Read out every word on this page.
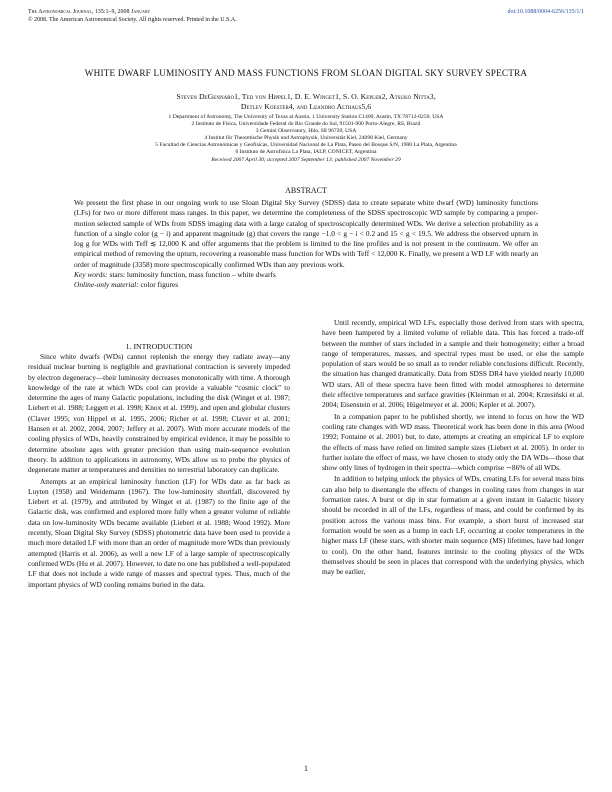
The Astronomical Journal, 135:1–9, 2008 January
© 2008. The American Astronomical Society. All rights reserved. Printed in the U.S.A.
doi:10.1088/0004-6256/135/1/1
WHITE DWARF LUMINOSITY AND MASS FUNCTIONS FROM SLOAN DIGITAL SKY SURVEY SPECTRA
Steven DeGennaro1, Ted von Hippel1, D. E. Winget1, S. O. Kepler2, Atsuko Nitta3,
Detlev Koester4, and Leandro Althaus5,6
1 Department of Astronomy, The University of Texas at Austin, 1 University Station C1400, Austin, TX 78712-0259, USA
2 Instituto de Física, Universidade Federal do Rio Grande do Sul, 91501-900 Porto-Alegre, RS, Brazil
3 Gemini Observatory, Hilo, HI 96720, USA
4 Institut für Theoretische Physik und Astrophysik, Universität Kiel, 24098 Kiel, Germany
5 Facultad de Ciencias Astronómicas y Geofísicas, Universidad Nacional de La Plata, Paseo del Bosque S/N, 1900 La Plata, Argentina
6 Instituto de Astrofísica La Plata, IALP, CONICET, Argentina
Received 2007 April 30; accepted 2007 September 13; published 2007 November 29
ABSTRACT

We present the first phase in our ongoing work to use Sloan Digital Sky Survey (SDSS) data to create separate white dwarf (WD) luminosity functions (LFs) for two or more different mass ranges. In this paper, we determine the completeness of the SDSS spectroscopic WD sample by comparing a proper-motion selected sample of WDs from SDSS imaging data with a large catalog of spectroscopically determined WDs. We derive a selection probability as a function of a single color (g − i) and apparent magnitude (g) that covers the range −1.0 < g − i < 0.2 and 15 < g < 19.5. We address the observed upturn in log g for WDs with Teff ≲ 12,000 K and offer arguments that the problem is limited to the line profiles and is not present in the continuum. We offer an empirical method of removing the upturn, recovering a reasonable mass function for WDs with Teff < 12,000 K. Finally, we present a WD LF with nearly an order of magnitude (3358) more spectroscopically confirmed WDs than any previous work.

Key words: stars: luminosity function, mass function – white dwarfs

Online-only material: color figures

1. INTRODUCTION

Since white dwarfs (WDs) cannot replenish the energy they radiate away—any residual nuclear burning is negligible and gravitational contraction is severely impeded by electron degeneracy—their luminosity decreases monotonically with time. A thorough knowledge of the rate at which WDs cool can provide a valuable “cosmic clock” to determine the ages of many Galactic populations, including the disk (Winget et al. 1987; Liebert et al. 1988; Leggett et al. 1998; Knox et al. 1999), and open and globular clusters (Claver 1995; von Hippel et al. 1995, 2006; Richer et al. 1998; Claver et al. 2001; Hansen et al. 2002, 2004, 2007; Jeffery et al. 2007). With more accurate models of the cooling physics of WDs, heavily constrained by empirical evidence, it may be possible to determine absolute ages with greater precision than using main-sequence evolution theory. In addition to applications in astronomy, WDs allow us to probe the physics of degenerate matter at temperatures and densities no terrestrial laboratory can duplicate.

Attempts at an empirical luminosity function (LF) for WDs date as far back as Luyten (1958) and Weidemann (1967). The low-luminosity shortfall, discovered by Liebert et al. (1979), and attributed by Winget et al. (1987) to the finite age of the Galactic disk, was confirmed and explored more fully when a greater volume of reliable data on low-luminosity WDs became available (Liebert et al. 1988; Wood 1992). More recently, Sloan Digital Sky Survey (SDSS) photometric data have been used to provide a much more detailed LF with more than an order of magnitude more WDs than previously attempted (Harris et al. 2006), as well a new LF of a large sample of spectroscopically confirmed WDs (Hu et al. 2007). However, to date no one has published a well-populated LF that does not include a wide range of masses and spectral types. Thus, much of the important physics of WD cooling remains buried in the data.

Until recently, empirical WD LFs, especially those derived from stars with spectra, have been hampered by a limited volume of reliable data. This has forced a trade-off between the number of stars included in a sample and their homogeneity; either a broad range of temperatures, masses, and spectral types must be used, or else the sample population of stars would be so small as to render reliable conclusions difficult. Recently, the situation has changed dramatically. Data from SDSS DR4 have yielded nearly 10,000 WD stars. All of these spectra have been fitted with model atmospheres to determine their effective temperatures and surface gravities (Kleinman et al. 2004; Krzesiński et al. 2004; Eisenstein et al. 2006; Hügelmeyer et al. 2006; Kepler et al. 2007).

In a companion paper to be published shortly, we intend to focus on how the WD cooling rate changes with WD mass. Theoretical work has been done in this area (Wood 1992; Fontaine et al. 2001) but, to date, attempts at creating an empirical LF to explore the effects of mass have relied on limited sample sizes (Liebert et al. 2005). In order to further isolate the effect of mass, we have chosen to study only the DA WDs—those that show only lines of hydrogen in their spectra—which comprise ∼86% of all WDs.

In addition to helping unlock the physics of WDs, creating LFs for several mass bins can also help to disentangle the effects of changes in cooling rates from changes in star formation rates. A burst or dip in star formation at a given instant in Galactic history should be recorded in all of the LFs, regardless of mass, and could be confirmed by its position across the various mass bins. For example, a short burst of increased star formation would be seen as a bump in each LF, occurring at cooler temperatures in the higher mass LF (these stars, with shorter main sequence (MS) lifetimes, have had longer to cool). On the other hand, features intrinsic to the cooling physics of the WDs themselves should be seen in places that correspond with the underlying physics, which may be earlier,

1
